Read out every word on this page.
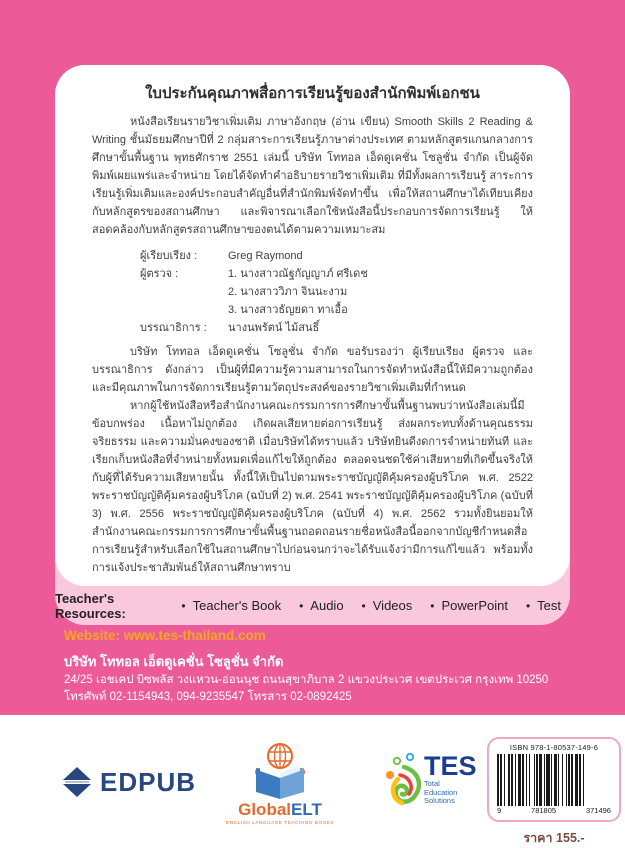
ใบประกันคุณภาพสื่อการเรียนรู้ของสำนักพิมพ์เอกชน

หนังสือเรียนรายวิชาเพิ่มเติม ภาษาอังกฤษ (อ่าน เขียน) Smooth Skills 2 Reading & Writing ชั้นมัธยมศึกษาปีที่ 2 กลุ่มสาระการเรียนรู้ภาษาต่างประเทศ ตามหลักสูตรแกนกลางการศึกษาขั้นพื้นฐาน พุทธศักราช 2551 เล่มนี้ บริษัท โททอล เอ็ดดูเคชั่น โซลูชั่น จำกัด เป็นผู้จัดพิมพ์เผยแพร่และจำหน่าย โดยได้จัดทำคำอธิบายรายวิชาเพิ่มเติม ที่มีทั้งผลการเรียนรู้ สาระการเรียนรู้เพิ่มเติมและองค์ประกอบสำคัญอื่นที่สำนักพิมพ์จัดทำขึ้น เพื่อให้สถานศึกษาได้เทียบเคียงกับหลักสูตรของสถานศึกษา และพิจารณาเลือกใช้หนังสือนี้ประกอบการจัดการเรียนรู้ ให้สอดคล้องกับหลักสูตรสถานศึกษาของตนได้ตามความเหมาะสม

ผู้เรียบเรียง :	Greg Raymond
ผู้ตรวจ :	1. นางสาวณัฐกัญญาภ์ ศรีเดช
2. นางสาววิภา จินนะงาม
3. นางสาวธัญยดา ทาเอื้อ
บรรณาธิการ :	นางนพรัตน์ ไม้สนธิ์

บริษัท โททอล เอ็ดดูเคชั่น โซลูชั่น จำกัด ขอรับรองว่า ผู้เรียบเรียง ผู้ตรวจ และบรรณาธิการ ดังกล่าว เป็นผู้ที่มีความรู้ความสามารถในการจัดทำหนังสือนี้ให้มีความถูกต้องและมีคุณภาพในการจัดการเรียนรู้ตามวัตถุประสงค์ของรายวิชาเพิ่มเติมที่กำหนด

หากผู้ใช้หนังสือหรือสำนักงานคณะกรรมการการศึกษาขั้นพื้นฐานพบว่าหนังสือเล่มนี้มีข้อบกพร่อง เนื้อหาไม่ถูกต้อง เกิดผลเสียหายต่อการเรียนรู้ ส่งผลกระทบทั้งด้านคุณธรรม จริยธรรม และความมั่นคงของชาติ เมื่อบริษัทได้ทราบแล้ว บริษัทยินดีงดการจำหน่ายทันที และเรียกเก็บหนังสือที่จำหน่ายทั้งหมดเพื่อแก้ไขให้ถูกต้อง ตลอดจนชดใช้ค่าเสียหายที่เกิดขึ้นจริงให้กับผู้ที่ได้รับความเสียหายนั้น ทั้งนี้ให้เป็นไปตามพระราชบัญญัติคุ้มครองผู้บริโภค พ.ศ. 2522 พระราชบัญญัติคุ้มครองผู้บริโภค (ฉบับที่ 2) พ.ศ. 2541 พระราชบัญญัติคุ้มครองผู้บริโภค (ฉบับที่ 3) พ.ศ. 2556 พระราชบัญญัติคุ้มครองผู้บริโภค (ฉบับที่ 4) พ.ศ. 2562 รวมทั้งยินยอมให้สำนักงานคณะกรรมการการศึกษาขั้นพื้นฐานถอดถอนรายชื่อหนังสือนี้ออกจากบัญชีกำหนดสื่อการเรียนรู้สำหรับเลือกใช้ในสถานศึกษาไปก่อนจนกว่าจะได้รับแจ้งว่ามีการแก้ไขแล้ว พร้อมทั้งการแจ้งประชาสัมพันธ์ให้สถานศึกษาทราบ

Teacher's Resources:	• Teacher's Book	• Audio	• Videos	• PowerPoint	• Test
Website: www.tes-thailand.com
บริษัท โททอล เอ็ดดูเคชั่น โซลูชั่น จำกัด
24/25 เอชเคป บิซพลัส วงแหวน-อ่อนนุช ถนนสุขาภิบาล 2 แขวงประเวศ เขตประเวศ กรุงเทพ 10250
โทรศัพท์ 02-1154943, 094-9235547 โทรสาร 02-0892425
EDPUB
GlobalELT
ENGLISH LANGUAGE TEACHING BOOKS
TES
Total
Education
Solutions
ISBN 978-1-80537-149-6
9	781805	371496
ราคา 155.-
